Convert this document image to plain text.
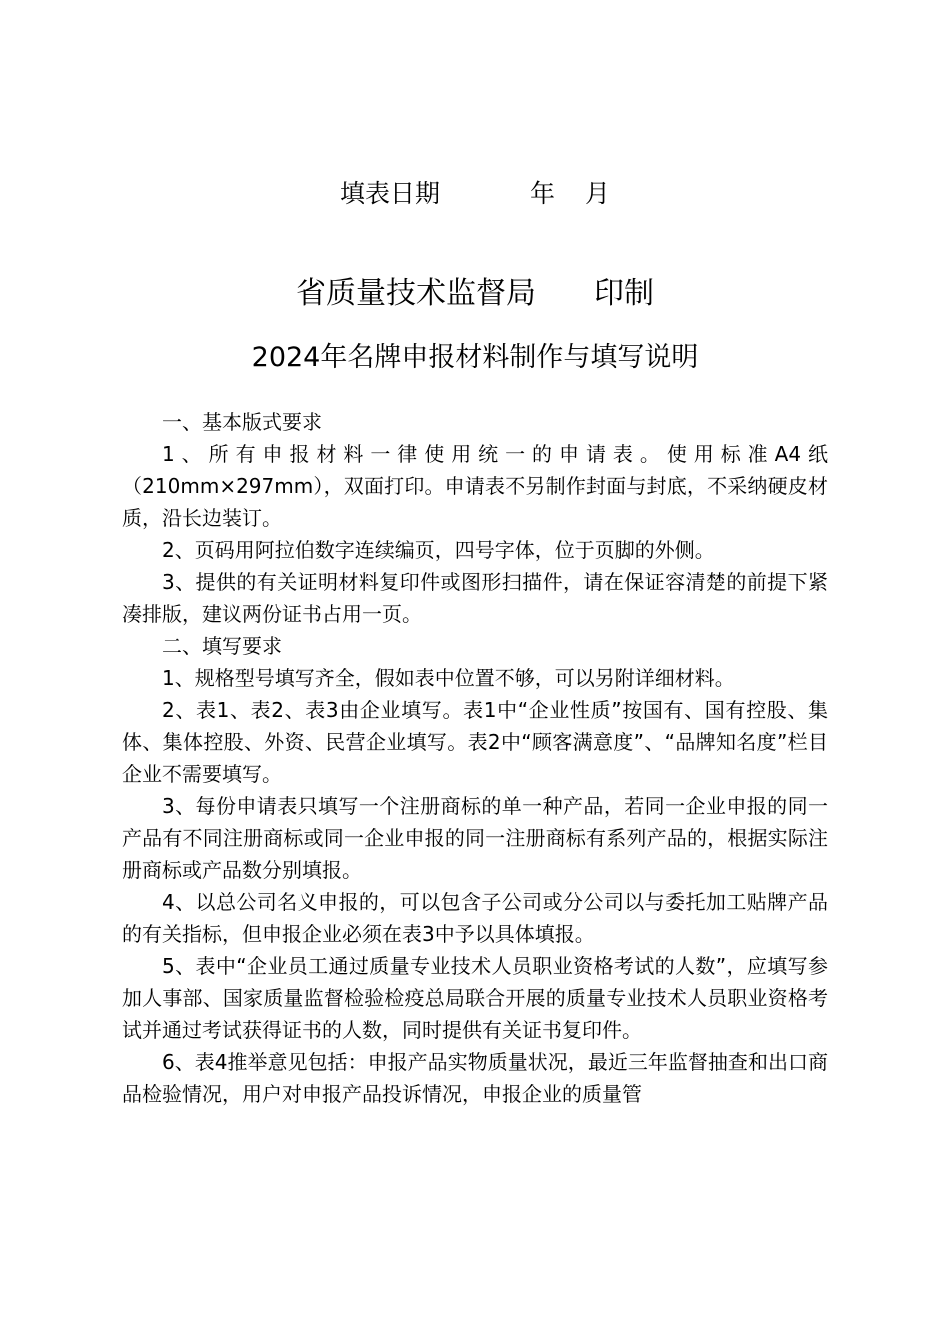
填表日期	年 月
省质量技术监督局 印制
2024年名牌申报材料制作与填写说明

一、基本版式要求

1、所有申报材料一律使用统一的申请表。使用标准A4纸（210mm×297mm），双面打印。申请表不另制作封面与封底，不采纳硬皮材质，沿长边装订。

2、页码用阿拉伯数字连续编页，四号字体，位于页脚的外侧。

3、提供的有关证明材料复印件或图形扫描件，请在保证容清楚的前提下紧凑排版，建议两份证书占用一页。

二、填写要求

1、规格型号填写齐全，假如表中位置不够，可以另附详细材料。

2、表1、表2、表3由企业填写。表1中“企业性质”按国有、国有控股、集体、集体控股、外资、民营企业填写。表2中“顾客满意度”、“品牌知名度”栏目企业不需要填写。

3、每份申请表只填写一个注册商标的单一种产品，若同一企业申报的同一产品有不同注册商标或同一企业申报的同一注册商标有系列产品的，根据实际注册商标或产品数分别填报。

4、以总公司名义申报的，可以包含子公司或分公司以与委托加工贴牌产品的有关指标，但申报企业必须在表3中予以具体填报。

5、表中“企业员工通过质量专业技术人员职业资格考试的人数”，应填写参加人事部、国家质量监督检验检疫总局联合开展的质量专业技术人员职业资格考试并通过考试获得证书的人数，同时提供有关证书复印件。

6、表4推举意见包括：申报产品实物质量状况，最近三年监督抽查和出口商品检验情况，用户对申报产品投诉情况，申报企业的质量管
